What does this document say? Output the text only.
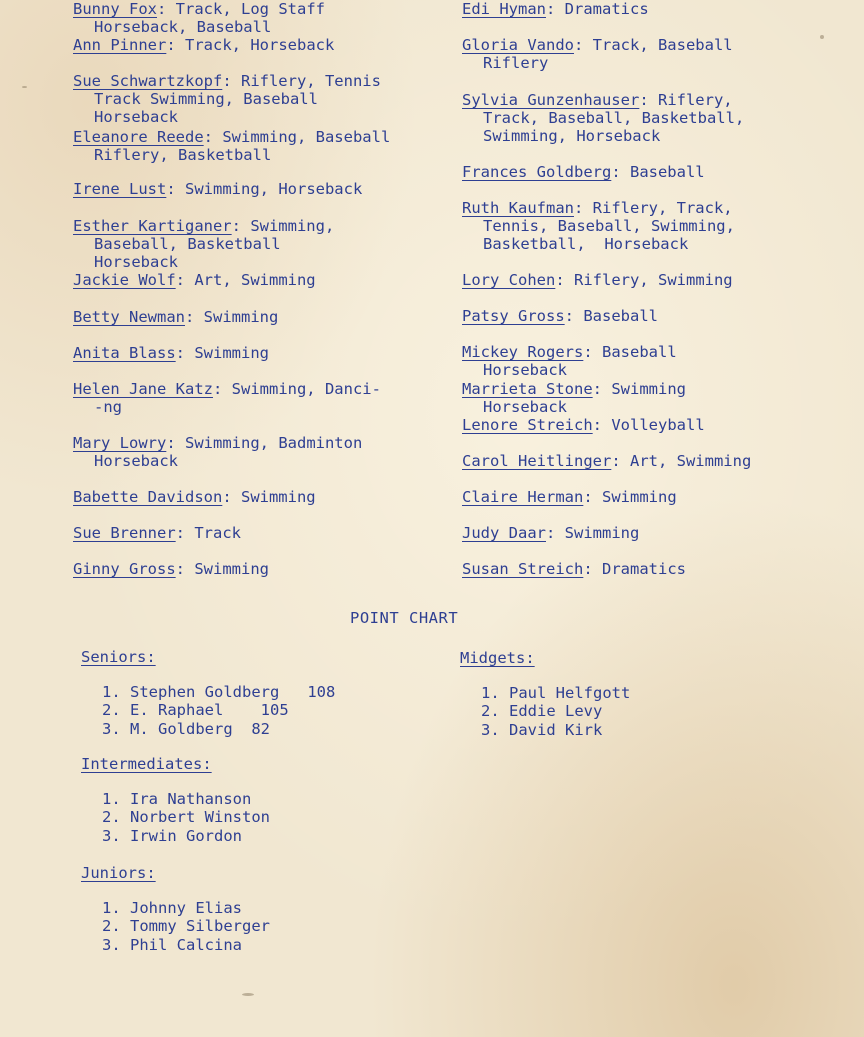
Bunny Fox: Track, Log Staff
Horseback, Baseball
Ann Pinner: Track, Horseback
Sue Schwartzkopf: Riflery, Tennis
Track Swimming, Baseball
Horseback
Eleanore Reede: Swimming, Baseball
Riflery, Basketball
Irene Lust: Swimming, Horseback
Esther Kartiganer: Swimming,
Baseball, Basketball
Horseback
Jackie Wolf: Art, Swimming
Betty Newman: Swimming
Anita Blass: Swimming
Helen Jane Katz: Swimming, Danci-
-ng
Mary Lowry: Swimming, Badminton
Horseback
Babette Davidson: Swimming
Sue Brenner: Track
Ginny Gross: Swimming
Edi Hyman: Dramatics
Gloria Vando: Track, Baseball
Riflery
Sylvia Gunzenhauser: Riflery,
Track, Baseball, Basketball,
Swimming, Horseback
Frances Goldberg: Baseball
Ruth Kaufman: Riflery, Track,
Tennis, Baseball, Swimming,
Basketball,  Horseback
Lory Cohen: Riflery, Swimming
Patsy Gross: Baseball
Mickey Rogers: Baseball
Horseback
Marrieta Stone: Swimming
Horseback
Lenore Streich: Volleyball
Carol Heitlinger: Art, Swimming
Claire Herman: Swimming
Judy Daar: Swimming
Susan Streich: Dramatics
POINT CHART
Seniors:
1. Stephen Goldberg 108
2. E. Raphael 105
3. M. Goldberg 82
Intermediates:
1. Ira Nathanson
2. Norbert Winston
3. Irwin Gordon
Juniors:
1. Johnny Elias
2. Tommy Silberger
3. Phil Calcina
Midgets:
1. Paul Helfgott
2. Eddie Levy
3. David Kirk
